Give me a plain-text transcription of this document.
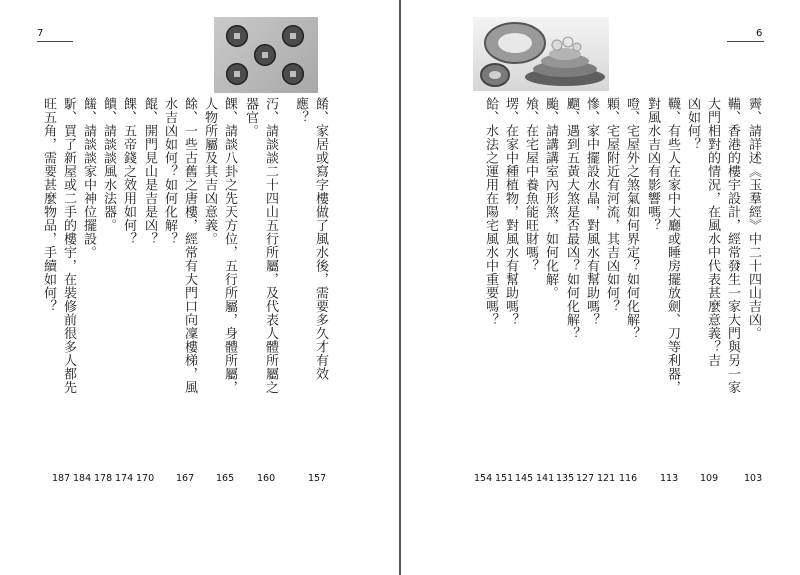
7
餚、家居或寫字樓做了風水後，需要多久才有效
應？
汅、請談談二十四山五行所屬，及代表人體所屬之
器官。
餜、請談八卦之先天方位，五行所屬，身體所屬，
人物所屬及其吉凶意義。
餘、一些古舊之唐樓，經常有大門口向凜樓梯，風
水吉凶如何？如何化解？
餛、開門見山是吉是凶？
餜、五帝錢之效用如何？
饋、請談談風水法器。
饈、請談談家中神位擺設。
馸、買了新屋或二手的樓宇，在裝修前很多人都先
旺五角，需要甚麼物品，手續如何？
157
160
165
167
170
174
178
184
187
6
霽、請詳述《玉羣經》中二十四山吉凶。
鞴、香港的樓宇設計，經常發生一家大門與另一家
大門相對的情況，在風水中代表甚麼意義？吉
凶如何？
韈、有些人在家中大廳或睡房擺放劍、刀等利器，
對風水吉凶有影響嗎？
噔、宅屋外之煞氣如何界定？如何化解？
顆、宅屋附近有河流，其吉凶如何？
慘、家中擺設水晶，對風水有幫助嗎？
飀、遇到五黃大煞是否最凶？如何化解？
颱、請講講室內形煞，如何化解。
飧、在宅屋中養魚能旺財嗎？
塄、在家中種植物，對風水有幫助嗎？
餄、水法之運用在陽宅風水中重要嗎？
103
109
113
116
121
127
135
141
145
151
154
